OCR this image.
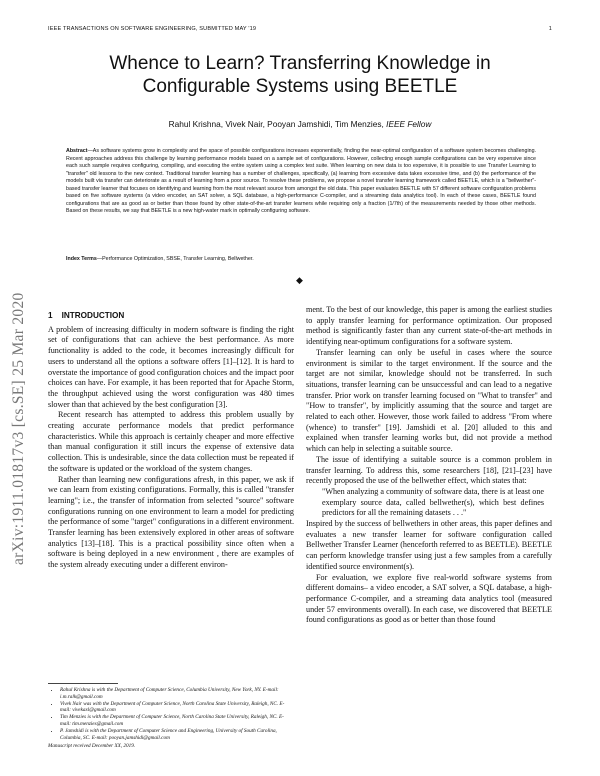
IEEE TRANSACTIONS ON SOFTWARE ENGINEERING, SUBMITTED MAY '19	1
arXiv:1911.01817v3 [cs.SE] 25 Mar 2020
Whence to Learn? Transferring Knowledge in Configurable Systems using BEETLE
Rahul Krishna, Vivek Nair, Pooyan Jamshidi, Tim Menzies, IEEE Fellow
Abstract—As software systems grow in complexity and the space of possible configurations increases exponentially, finding the near-optimal configuration of a software system becomes challenging. Recent approaches address this challenge by learning performance models based on a sample set of configurations. However, collecting enough sample configurations can be very expensive since each such sample requires configuring, compiling, and executing the entire system using a complex test suite. When learning on new data is too expensive, it is possible to use Transfer Learning to "transfer" old lessons to the new context. Traditional transfer learning has a number of challenges, specifically, (a) learning from excessive data takes excessive time, and (b) the performance of the models built via transfer can deteriorate as a result of learning from a poor source. To resolve these problems, we propose a novel transfer learning framework called BEETLE, which is a "bellwether"-based transfer learner that focuses on identifying and learning from the most relevant source from amongst the old data. This paper evaluates BEETLE with 57 different software configuration problems based on five software systems (a video encoder, an SAT solver, a SQL database, a high-performance C-compiler, and a streaming data analytics tool). In each of these cases, BEETLE found configurations that are as good as or better than those found by other state-of-the-art transfer learners while requiring only a fraction (1/7th) of the measurements needed by those other methods. Based on these results, we say that BEETLE is a new high-water mark in optimally configuring software.
Index Terms—Performance Optimization, SBSE, Transfer Learning, Bellwether.
◆
1 INTRODUCTION

A problem of increasing difficulty in modern software is finding the right set of configurations that can achieve the best performance. As more functionality is added to the code, it becomes increasingly difficult for users to understand all the options a software offers [1]–[12]. It is hard to overstate the importance of good configuration choices and the impact poor choices can have. For example, it has been reported that for Apache Storm, the throughput achieved using the worst configuration was 480 times slower than that achieved by the best configuration [3].

Recent research has attempted to address this problem usually by creating accurate performance models that predict performance characteristics. While this approach is certainly cheaper and more effective than manual configuration it still incurs the expense of extensive data collection. This is undesirable, since the data collection must be repeated if the software is updated or the workload of the system changes.

Rather than learning new configurations afresh, in this paper, we ask if we can learn from existing configurations. Formally, this is called "transfer learning"; i.e., the transfer of information from selected "source" software configurations running on one environment to learn a model for predicting the performance of some "target" configurations in a different environment. Transfer learning has been extensively explored in other areas of software analytics [13]–[18]. This is a practical possibility since often when a software is being deployed in a new environment , there are examples of the system already executing under a different environ-

• Rahul Krishna is with the Department of Computer Science, Columbia University, New York, NY. E-mail: i.m.ralk@gmail.com
• Vivek Nair was with the Department of Computer Science, North Carolina State University, Raleigh, NC. E-mail: vivekaxl@gmail.com
• Tim Menzies is with the Department of Computer Science, North Carolina State University, Raleigh, NC. E-mail: tim.menzies@gmail.com
• P. Jamshidi is with the Department of Computer Science and Engineering, University of South Carolina, Columbia, SC. E-mail: pooyan.jamshidi@gmail.com
Manuscript received December XX, 2019.

ment. To the best of our knowledge, this paper is among the earliest studies to apply transfer learning for performance optimization. Our proposed method is significantly faster than any current state-of-the-art methods in identifying near-optimum configurations for a software system.

Transfer learning can only be useful in cases where the source environment is similar to the target environment. If the source and the target are not similar, knowledge should not be transferred. In such situations, transfer learning can be unsuccessful and can lead to a negative transfer. Prior work on transfer learning focused on "What to transfer" and "How to transfer", by implicitly assuming that the source and target are related to each other. However, those work failed to address "From where (whence) to transfer" [19]. Jamshidi et al. [20] alluded to this and explained when transfer learning works but, did not provide a method which can help in selecting a suitable source.

The issue of identifying a suitable source is a common problem in transfer learning. To address this, some researchers [18], [21]–[23] have recently proposed the use of the bellwether effect, which states that:

"When analyzing a community of software data, there is at least one exemplary source data, called bellwether(s), which best defines predictors for all the remaining datasets . . ."

Inspired by the success of bellwethers in other areas, this paper defines and evaluates a new transfer learner for software configuration called Bellwether Transfer Learner (henceforth referred to as BEETLE). BEETLE can perform knowledge transfer using just a few samples from a carefully identified source environment(s).

For evaluation, we explore five real-world software systems from different domains– a video encoder, a SAT solver, a SQL database, a high-performance C-compiler, and a streaming data analytics tool (measured under 57 environments overall). In each case, we discovered that BEETLE found configurations as good as or better than those found
